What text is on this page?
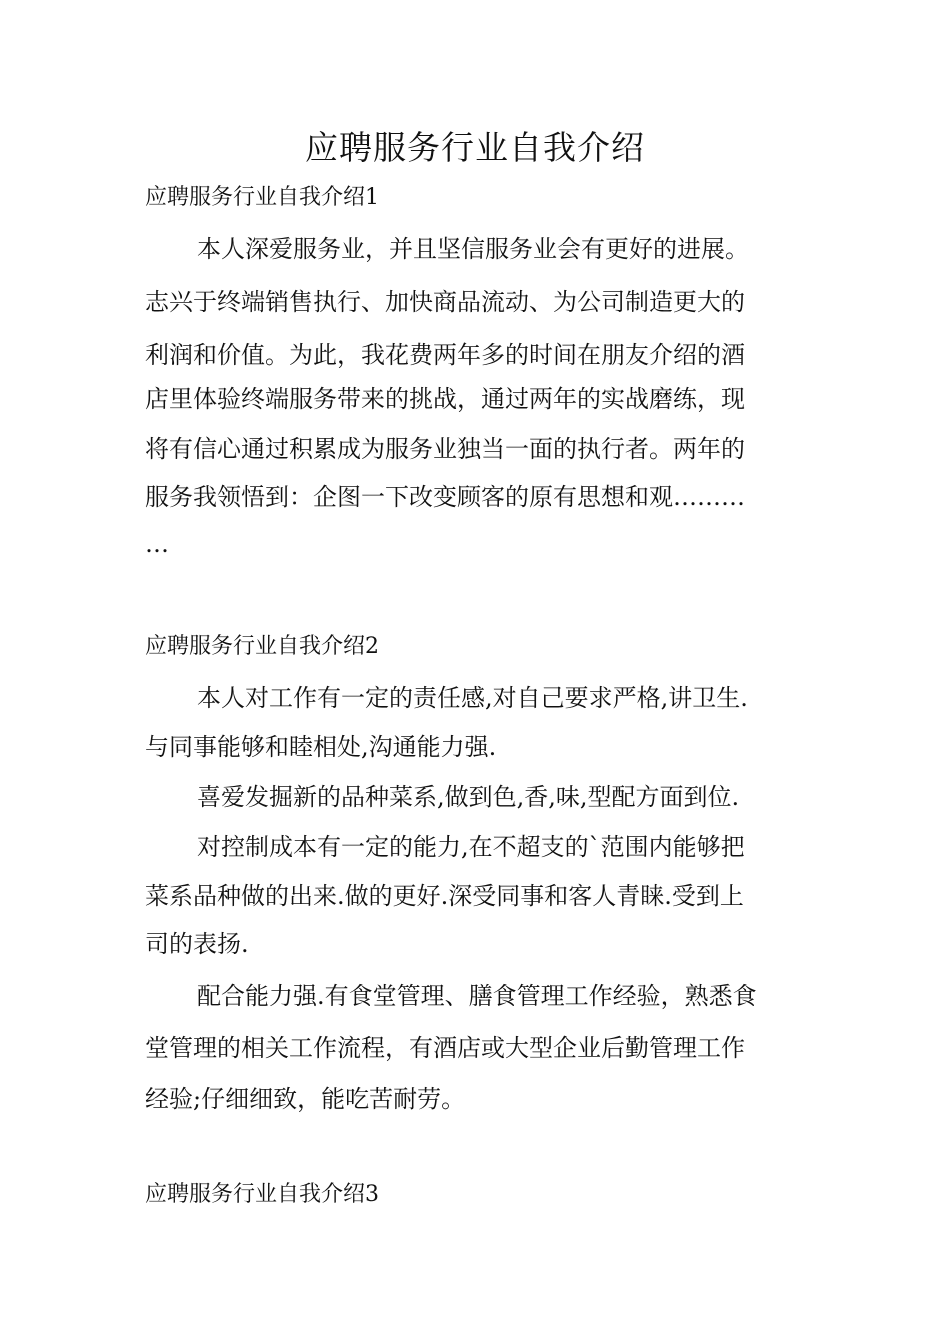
应聘服务行业自我介绍
应聘服务行业自我介绍1

本人深爱服务业，并且坚信服务业会有更好的进展。

志兴于终端销售执行、加快商品流动、为公司制造更大的

利润和价值。为此，我花费两年多的时间在朋友介绍的酒

店里体验终端服务带来的挑战，通过两年的实战磨练，现

将有信心通过积累成为服务业独当一面的执行者。两年的

服务我领悟到：企图一下改变顾客的原有思想和观………

…

应聘服务行业自我介绍2

本人对工作有一定的责任感,对自己要求严格,讲卫生.

与同事能够和睦相处,沟通能力强.

喜爱发掘新的品种菜系,做到色,香,味,型配方面到位.

对控制成本有一定的能力,在不超支的`范围内能够把

菜系品种做的出来.做的更好.深受同事和客人青睐.受到上

司的表扬.

配合能力强.有食堂管理、膳食管理工作经验，熟悉食

堂管理的相关工作流程，有酒店或大型企业后勤管理工作

经验;仔细细致，能吃苦耐劳。

应聘服务行业自我介绍3
